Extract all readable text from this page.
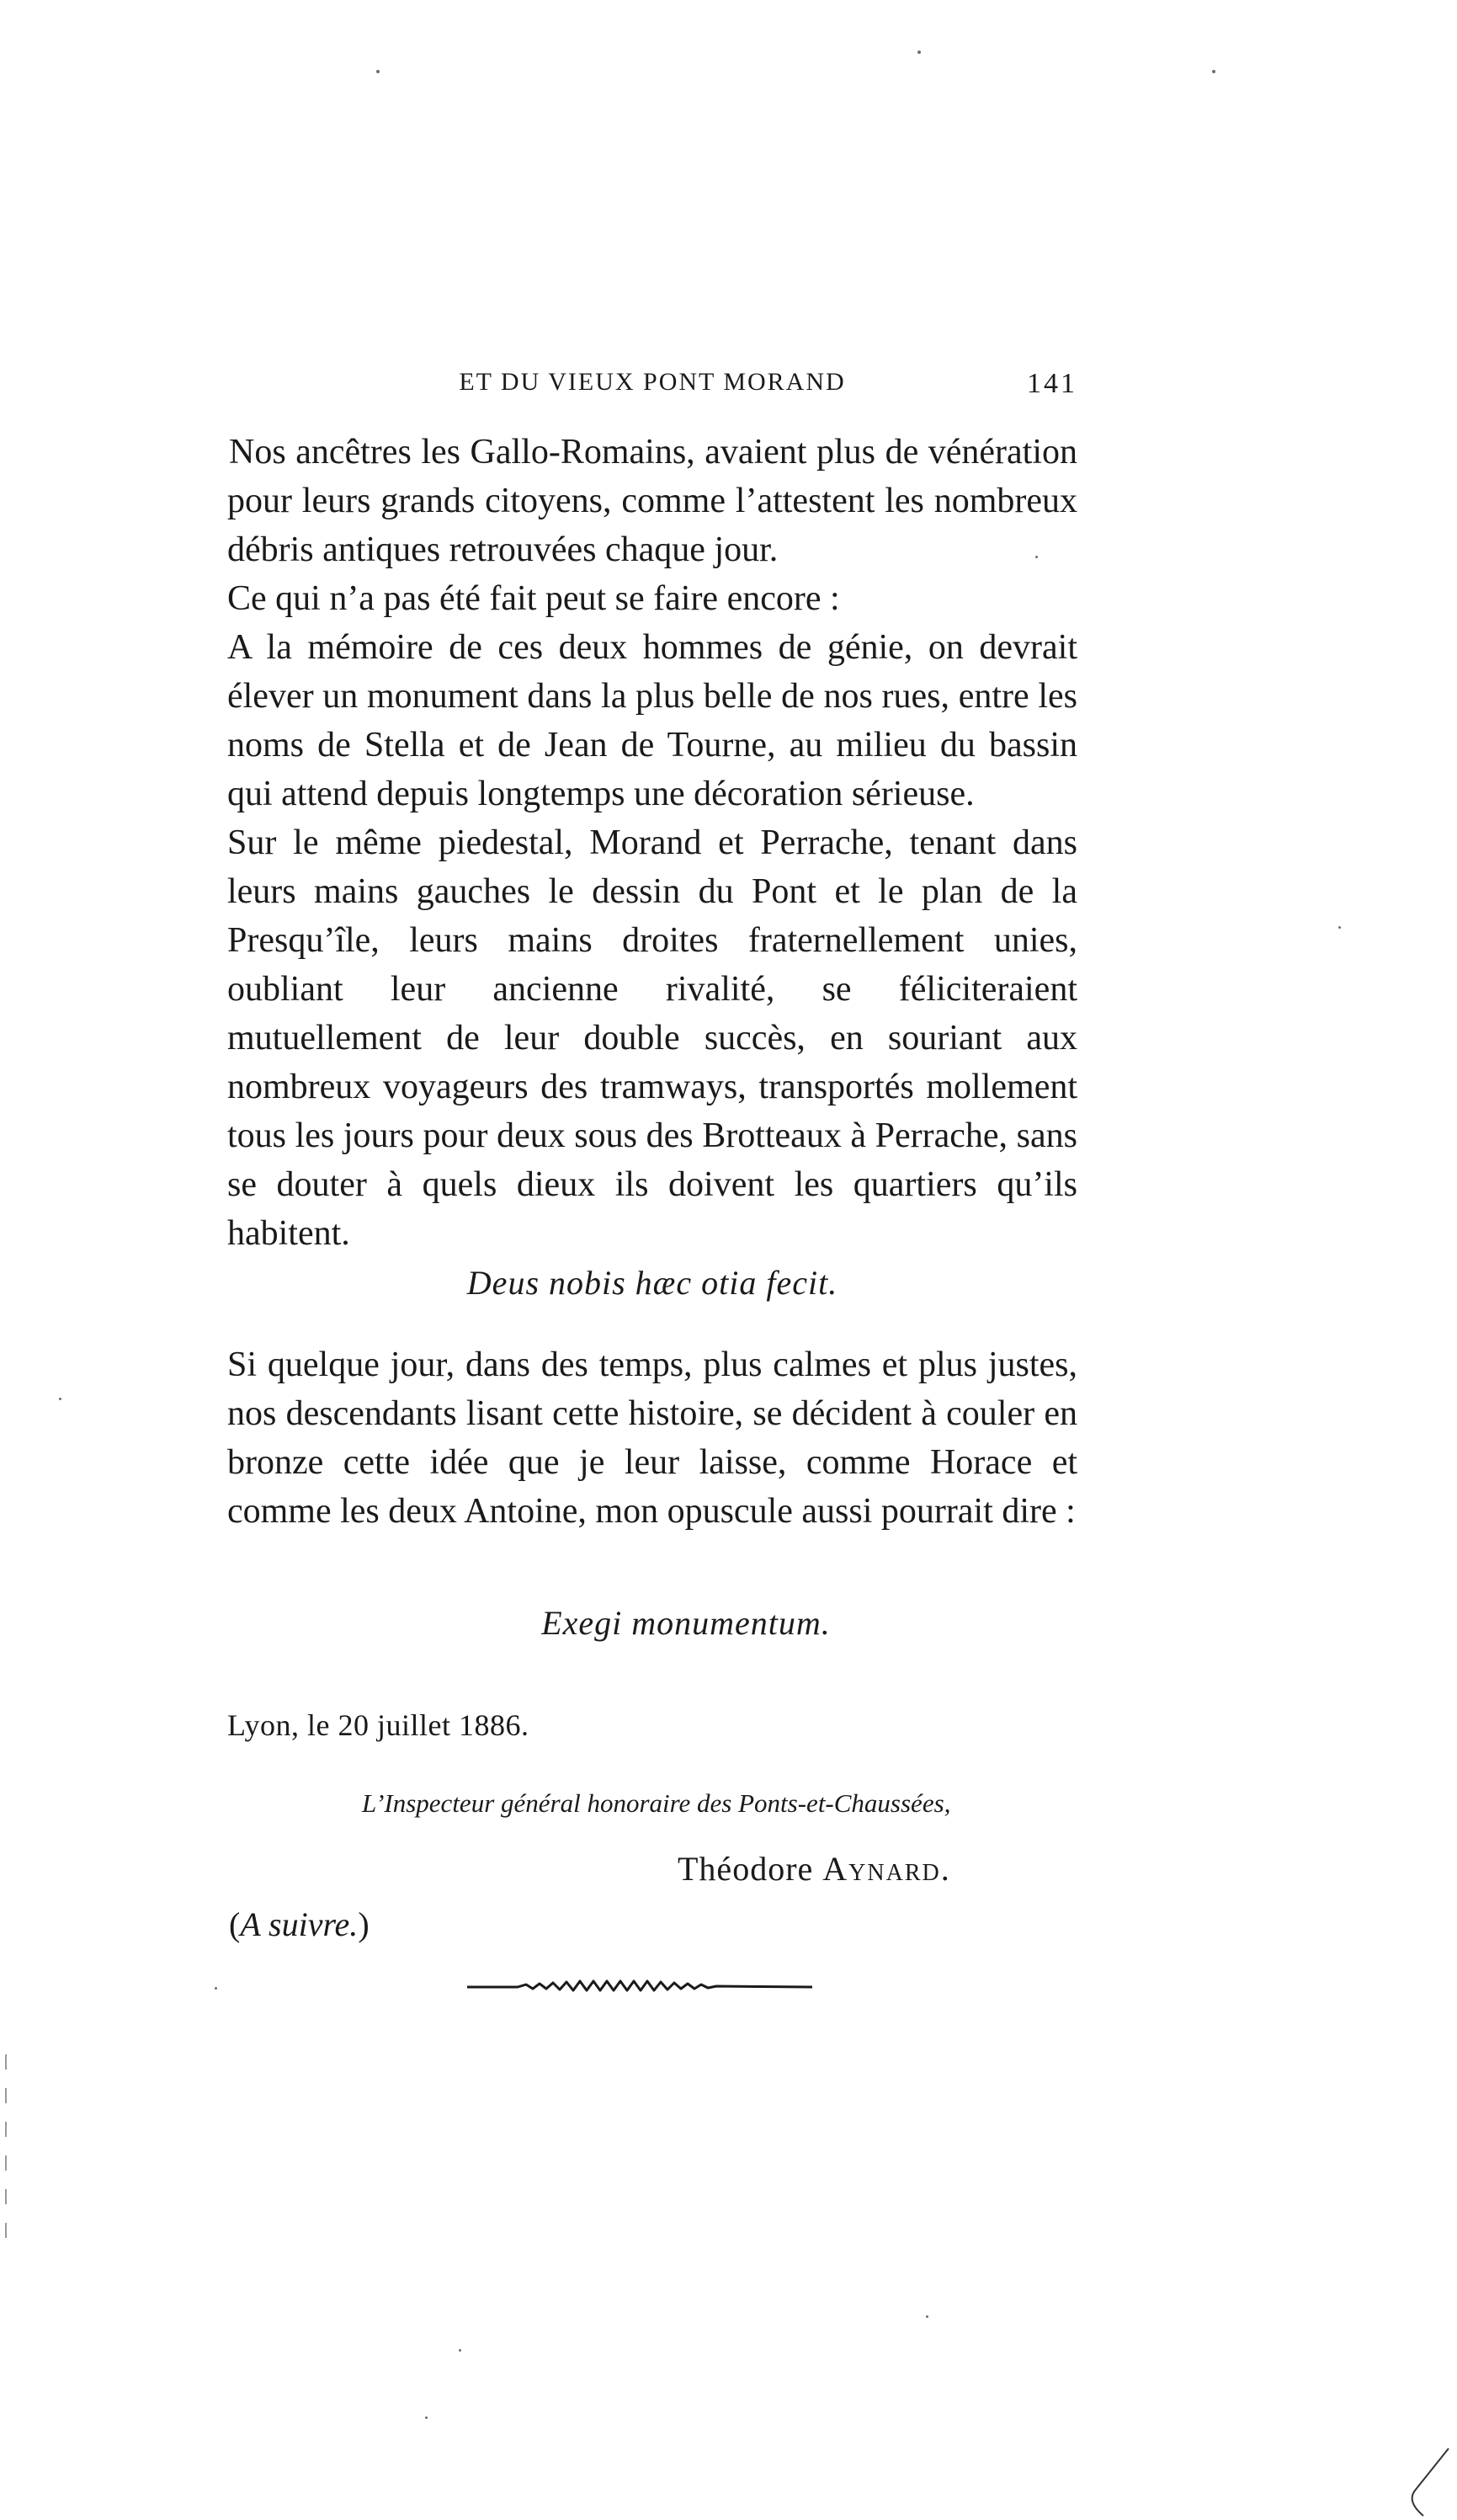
ET DU VIEUX PONT MORAND	141

Nos ancêtres les Gallo-Romains, avaient plus de vénération pour leurs grands citoyens, comme l’attestent les nombreux débris antiques retrouvées chaque jour.

Ce qui n’a pas été fait peut se faire encore :

A la mémoire de ces deux hommes de génie, on devrait élever un monument dans la plus belle de nos rues, entre les noms de Stella et de Jean de Tourne, au milieu du bassin qui attend depuis longtemps une décoration sérieuse.

Sur le même piedestal, Morand et Perrache, tenant dans leurs mains gauches le dessin du Pont et le plan de la Presqu’île, leurs mains droites fraternellement unies, oubliant leur ancienne rivalité, se féliciteraient mutuellement de leur double succès, en souriant aux nombreux voyageurs des tramways, transportés mollement tous les jours pour deux sous des Brotteaux à Perrache, sans se douter à quels dieux ils doivent les quartiers qu’ils habitent.

Deus nobis hæc otia fecit.

Si quelque jour, dans des temps, plus calmes et plus justes, nos descendants lisant cette histoire, se décident à couler en bronze cette idée que je leur laisse, comme Horace et comme les deux Antoine, mon opuscule aussi pourrait dire :

Exegi monumentum.
Lyon, le 20 juillet 1886.
L’Inspecteur général honoraire des Ponts-et-Chaussées,
Théodore Aynard.
(A suivre.)
